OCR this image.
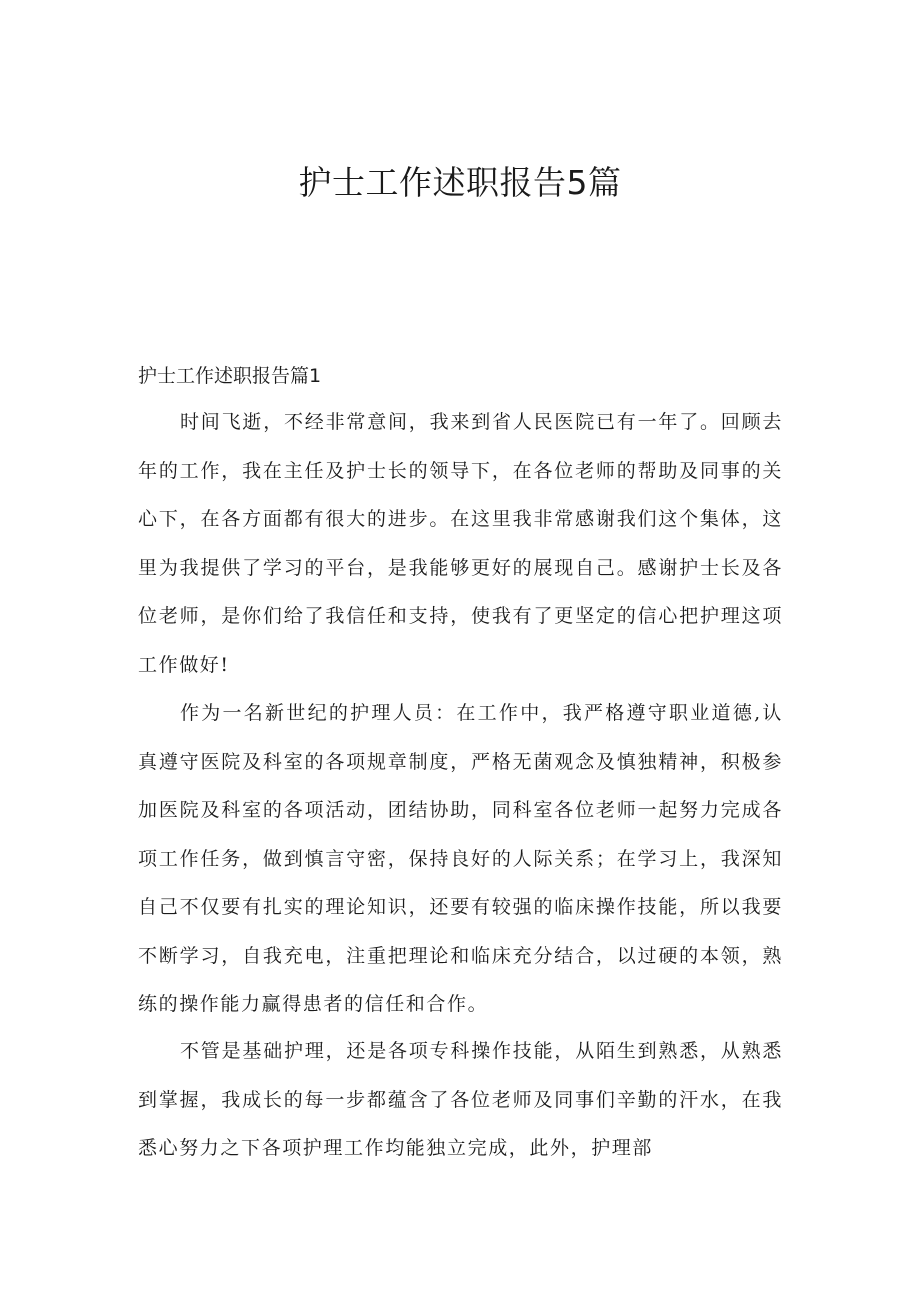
护士工作述职报告5篇
护士工作述职报告篇1

时间飞逝，不经非常意间，我来到省人民医院已有一年了。回顾去年的工作，我在主任及护士长的领导下，在各位老师的帮助及同事的关心下，在各方面都有很大的进步。在这里我非常感谢我们这个集体，这里为我提供了学习的平台，是我能够更好的展现自己。感谢护士长及各位老师，是你们给了我信任和支持，使我有了更坚定的信心把护理这项工作做好!

作为一名新世纪的护理人员：在工作中，我严格遵守职业道德,认真遵守医院及科室的各项规章制度，严格无菌观念及慎独精神，积极参加医院及科室的各项活动，团结协助，同科室各位老师一起努力完成各项工作任务，做到慎言守密，保持良好的人际关系；在学习上，我深知自己不仅要有扎实的理论知识，还要有较强的临床操作技能，所以我要不断学习，自我充电，注重把理论和临床充分结合，以过硬的本领，熟练的操作能力赢得患者的信任和合作。

不管是基础护理，还是各项专科操作技能，从陌生到熟悉，从熟悉到掌握，我成长的每一步都蕴含了各位老师及同事们辛勤的汗水，在我悉心努力之下各项护理工作均能独立完成，此外，护理部
